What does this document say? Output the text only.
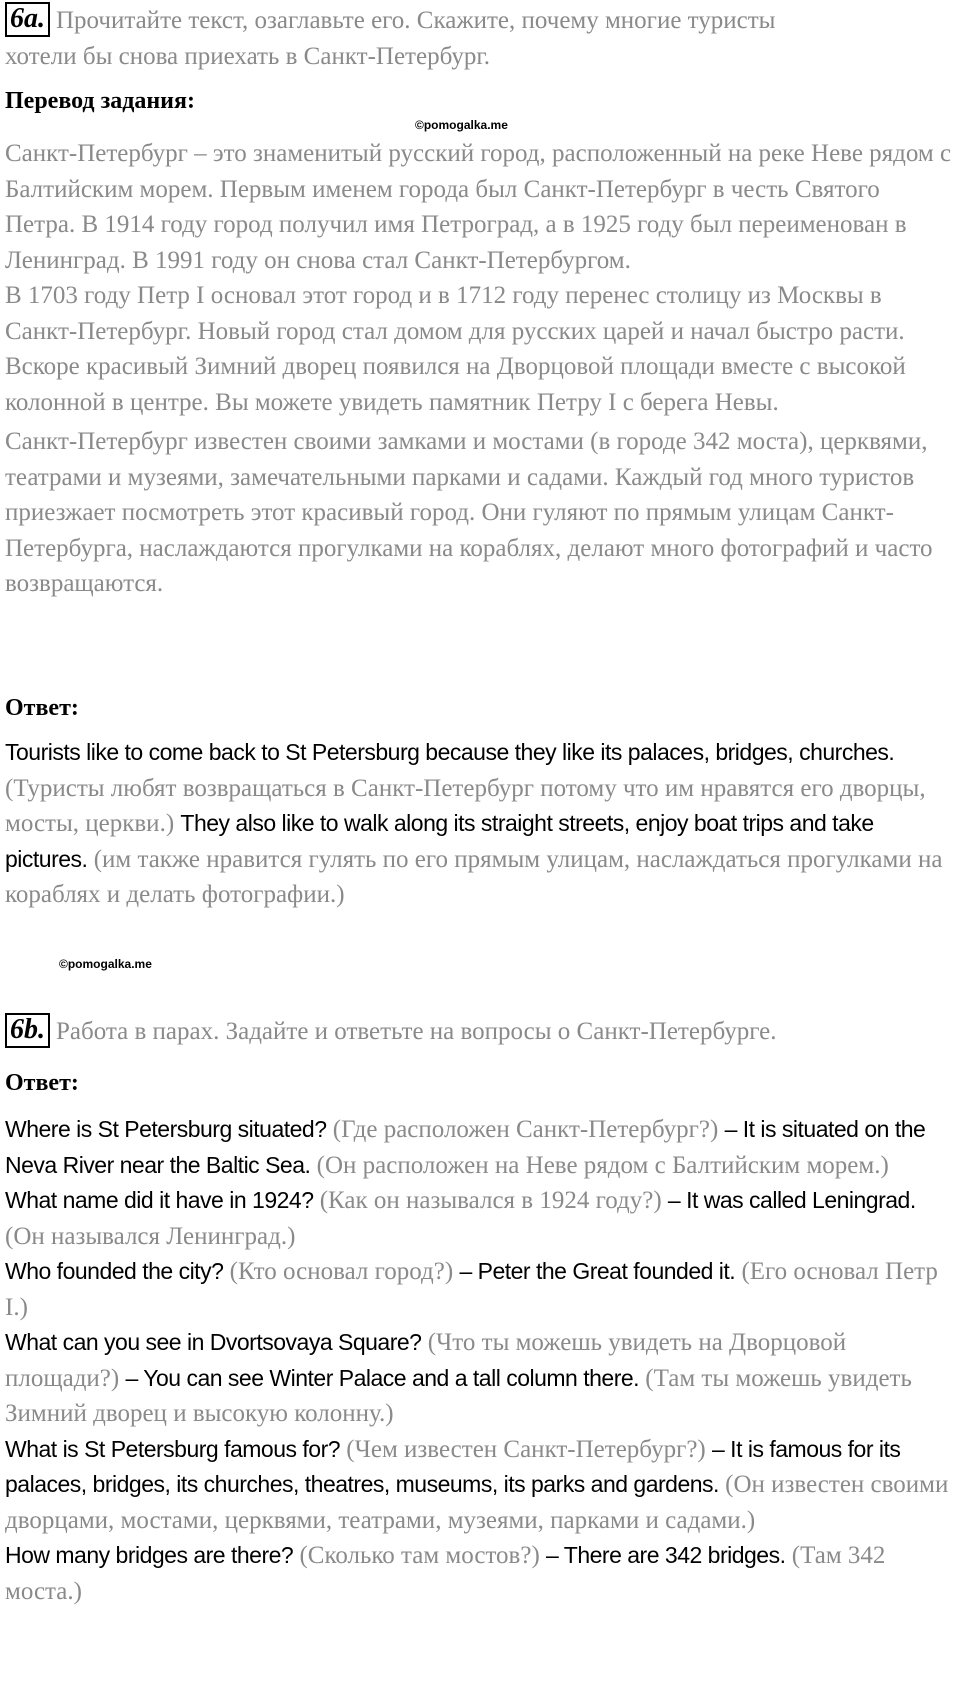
6a. Прочитайте текст, озаглавьте его. Скажите, почему многие туристы
хотели бы снова приехать в Санкт-Петербург.
Перевод задания:
©pomogalka.me

Санкт-Петербург – это знаменитый русский город, расположенный на реке Неве рядом с Балтийским морем. Первым именем города был Санкт-Петербург в честь Святого Петра. В 1914 году город получил имя Петроград, а в 1925 году был переименован в Ленинград. В 1991 году он снова стал Санкт-Петербургом.

В 1703 году Петр I основал этот город и в 1712 году перенес столицу из Москвы в Санкт-Петербург. Новый город стал домом для русских царей и начал быстро расти. Вскоре красивый Зимний дворец появился на Дворцовой площади вместе с высокой колонной в центре. Вы можете увидеть памятник Петру I с берега Невы.

Санкт-Петербург известен своими замками и мостами (в городе 342 моста), церквями, театрами и музеями, замечательными парками и садами. Каждый год много туристов приезжает посмотреть этот красивый город. Они гуляют по прямым улицам Санкт-Петербурга, наслаждаются прогулками на кораблях, делают много фотографий и часто возвращаются.

Ответ:
Tourists like to come back to St Petersburg because they like its palaces, bridges, churches. (Туристы любят возвращаться в Санкт-Петербург потому что им нравятся его дворцы, мосты, церкви.) They also like to walk along its straight streets, enjoy boat trips and take pictures. (им также нравится гулять по его прямым улицам, наслаждаться прогулками на кораблях и делать фотографии.)
©pomogalka.me
6b. Работа в парах. Задайте и ответьте на вопросы о Санкт-Петербурге.
Ответ:

Where is St Petersburg situated? (Где расположен Санкт-Петербург?) – It is situated on the Neva River near the Baltic Sea. (Он расположен на Неве рядом с Балтийским морем.)

What name did it have in 1924? (Как он назывался в 1924 году?) – It was called Leningrad. (Он назывался Ленинград.)

Who founded the city? (Кто основал город?) – Peter the Great founded it. (Его основал Петр I.)

What can you see in Dvortsovaya Square? (Что ты можешь увидеть на Дворцовой площади?) – You can see Winter Palace and a tall column there. (Там ты можешь увидеть Зимний дворец и высокую колонну.)

What is St Petersburg famous for? (Чем известен Санкт-Петербург?) – It is famous for its palaces, bridges, its churches, theatres, museums, its parks and gardens. (Он известен своими дворцами, мостами, церквями, театрами, музеями, парками и садами.)

How many bridges are there? (Сколько там мостов?) – There are 342 bridges. (Там 342 моста.)
